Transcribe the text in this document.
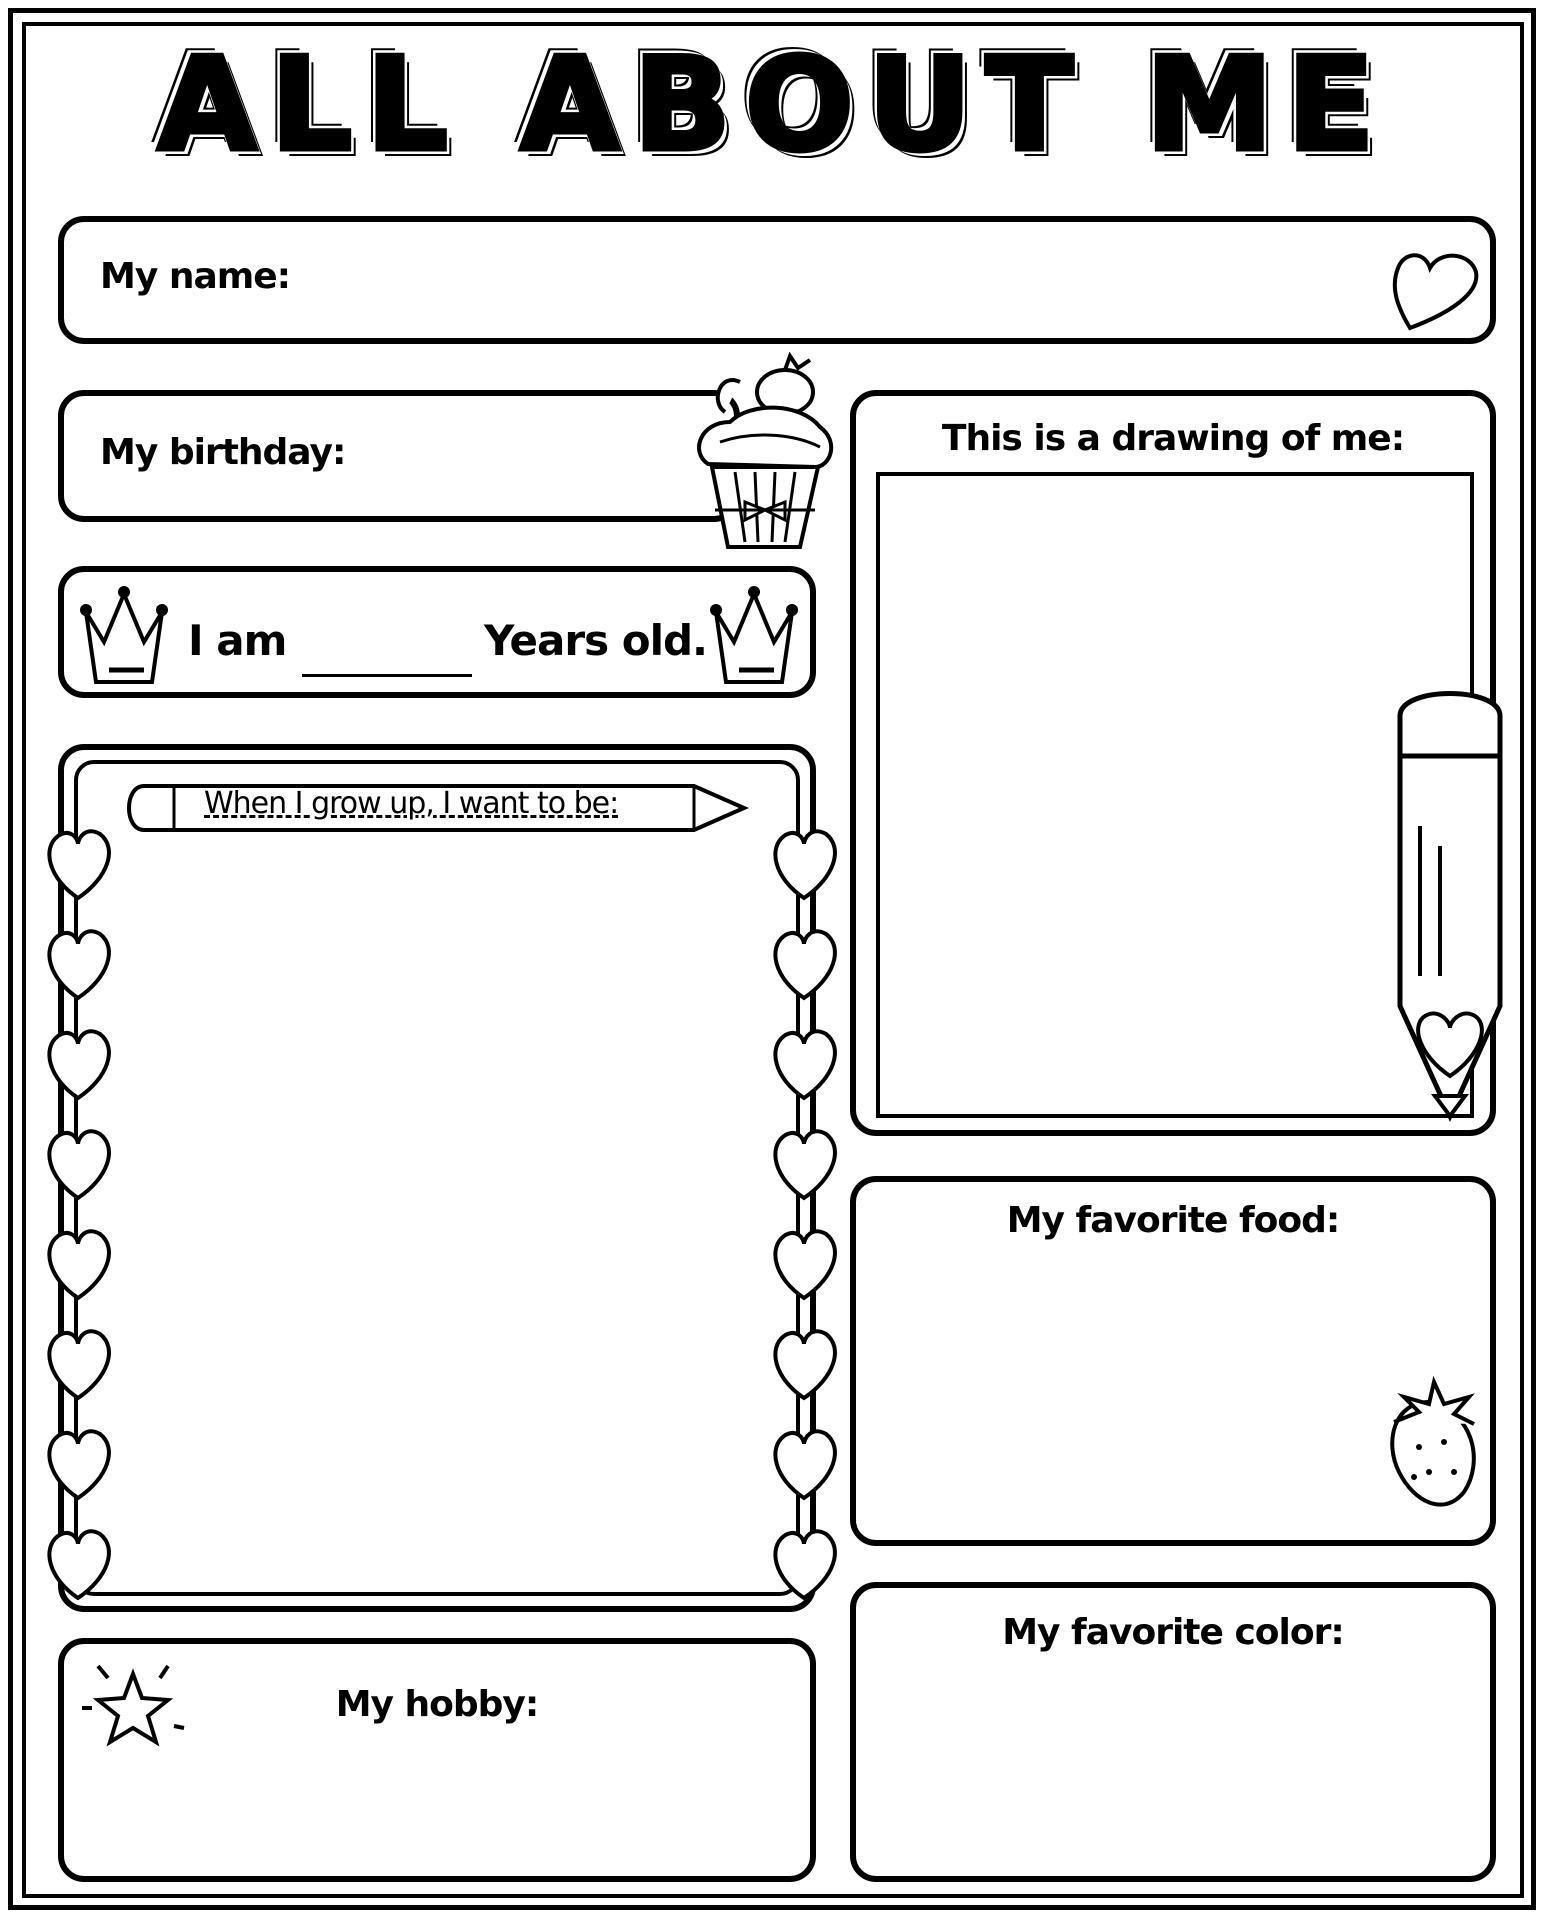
ALL ABOUT ME
My name:
My birthday:
I am	Years old.
When I grow up, I want to be:
This is a drawing of me:
My favorite food:
My favorite color:
My hobby:
